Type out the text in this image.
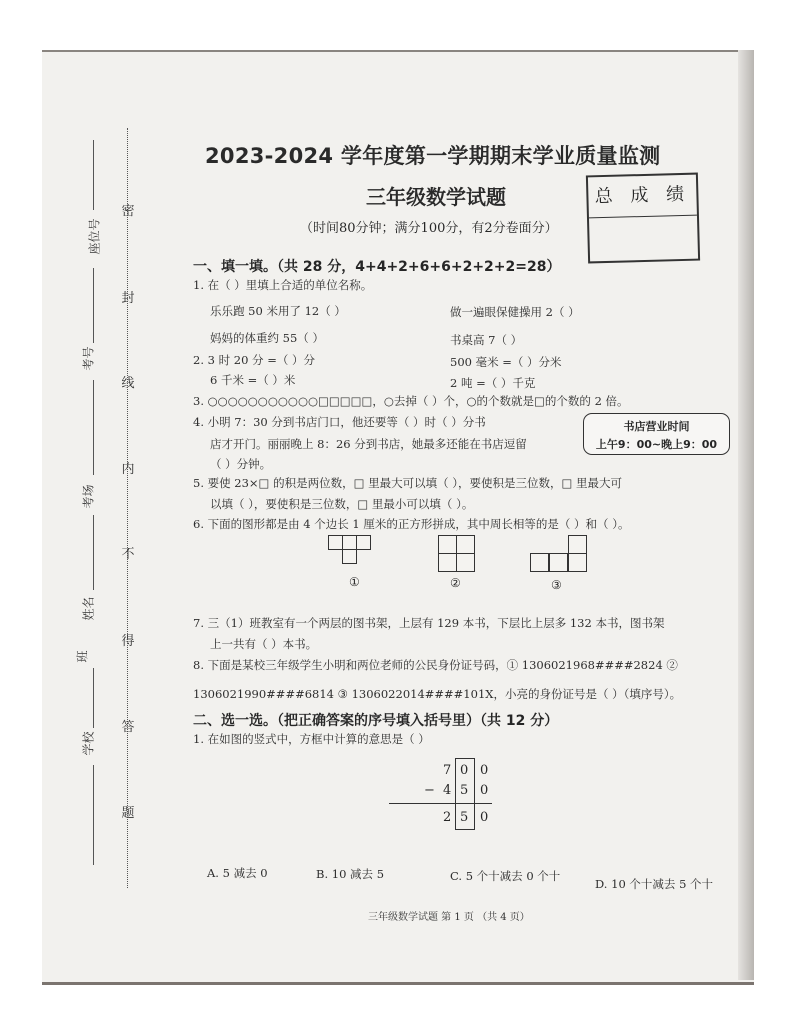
密
封
线
内
不
得
答
题
座位号
考号
考场
姓名
班
学校
2023-2024 学年度第一学期期末学业质量监测
三年级数学试题
（时间80分钟；满分100分，有2分卷面分）
总 成 绩
一、填一填。（共 28 分，4+4+2+6+6+2+2+2=28）
1. 在（ ）里填上合适的单位名称。
乐乐跑 50 米用了 12（ ）	做一遍眼保健操用 2（ ）
妈妈的体重约 55（ ）	书桌高 7（ ）
2. 3 时 20 分 =（ ）分	500 毫米 =（ ）分米
6 千米 =（ ）米	2 吨 =（ ）千克
3. ○○○○○○○○○○○□□□□□，○去掉（ ）个，○的个数就是□的个数的 2 倍。
4. 小明 7：30 分到书店门口，他还要等（ ）时（ ）分书
店才开门。丽丽晚上 8：26 分到书店，她最多还能在书店逗留
（ ）分钟。
书店营业时间
上午9：00~晚上9：00
5. 要使 23×□ 的积是两位数，□ 里最大可以填（ ），要使积是三位数，□ 里最大可
以填（ ），要使积是三位数，□ 里最小可以填（ ）。
6. 下面的图形都是由 4 个边长 1 厘米的正方形拼成，其中周长相等的是（ ）和（ ）。
①	②	③
7. 三（1）班教室有一个两层的图书架，上层有 129 本书，下层比上层多 132 本书，图书架
上一共有（ ）本书。
8. 下面是某校三年级学生小明和两位老师的公民身份证号码，① 1306021968####2824 ②
1306021990####6814 ③ 1306022014####101X，小亮的身份证号是（ ）（填序号）。
二、选一选。（把正确答案的序号填入括号里）（共 12 分）
1. 在如图的竖式中，方框中计算的意思是（ ）
7 0 0
− 4 5 0
2 5 0
A. 5 减去 0	B. 10 减去 5	C. 5 个十减去 0 个十
D. 10 个十减去 5 个十
三年级数学试题 第 1 页 （共 4 页）
